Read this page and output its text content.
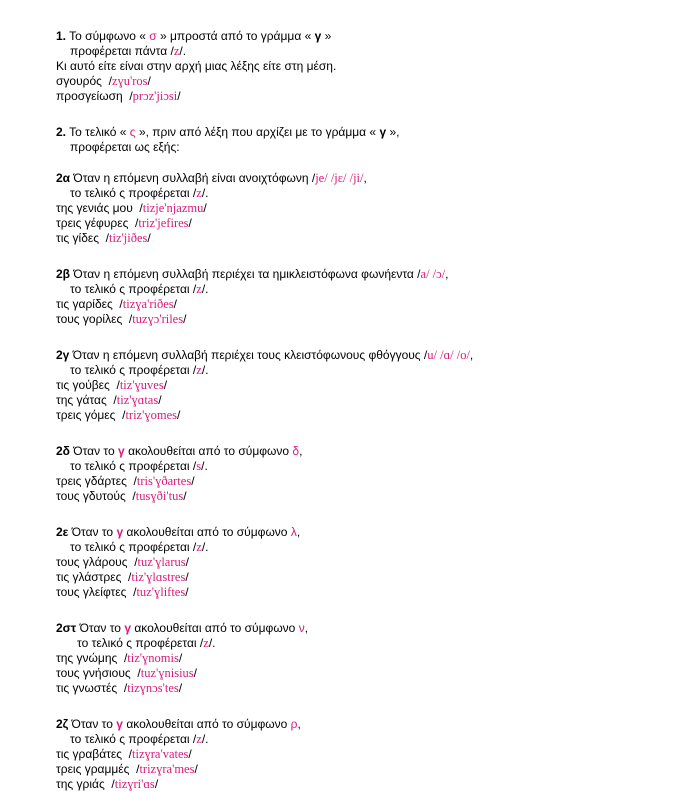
1. Το σύμφωνο « σ » μπροστά από το γράμμα « γ »
προφέρεται πάντα /z/.
Κι αυτό είτε είναι στην αρχή μιας λέξης είτε στη μέση.
σγουρός  /zɣu'ros/
προσγείωση  /prɔz'jiɔsi/
2. Το τελικό « ς », πριν από λέξη που αρχίζει με το γράμμα « γ »,
προφέρεται ως εξής:
2α Όταν η επόμενη συλλαβή είναι ανοιχτόφωνη /je/ /jɛ/ /ji/,
το τελικό ς προφέρεται /z/.
της γενιάς μου  /tizje'njazmu/
τρεις γέφυρες  /triz'jefires/
τις γίδες  /tiz'jiðes/
2β Όταν η επόμενη συλλαβή περιέχει τα ημικλειστόφωνα φωνήεντα /a/ /ɔ/,
το τελικό ς προφέρεται /z/.
τις γαρίδες  /tizɣa'riðes/
τους γορίλες  /tuzɣɔ'riles/
2γ Όταν η επόμενη συλλαβή περιέχει τους κλειστόφωνους φθόγγους /u/ /ɑ/ /o/,
το τελικό ς προφέρεται /z/.
τις γούβες  /tiz'ɣuves/
της γάτας  /tiz'ɣɑtas/
τρεις γόμες  /triz'ɣomes/
2δ Όταν το γ ακολουθείται από το σύμφωνο δ,
το τελικό ς προφέρεται /s/.
τρεις γδάρτες  /tris'ɣðartes/
τους γδυτούς  /tusɣði'tus/
2ε Όταν το γ ακολουθείται από το σύμφωνο λ,
το τελικό ς προφέρεται /z/.
τους γλάρους  /tuz'ɣlarus/
τις γλάστρες  /tiz'ɣlɑstres/
τους γλείφτες  /tuz'ɣliftes/
2στ Όταν το γ ακολουθείται από το σύμφωνο ν,
το τελικό ς προφέρεται /z/.
της γνώμης  /tiz'ɣnomis/
τους γνήσιους  /tuz'ɣnisius/
τις γνωστές  /tizɣnɔs'tes/
2ζ Όταν το γ ακολουθείται από το σύμφωνο ρ,
το τελικό ς προφέρεται /z/.
τις γραβάτες  /tizɣra'vates/
τρεις γραμμές  /trizɣra'mes/
της γριάς  /tizɣri'ɑs/
